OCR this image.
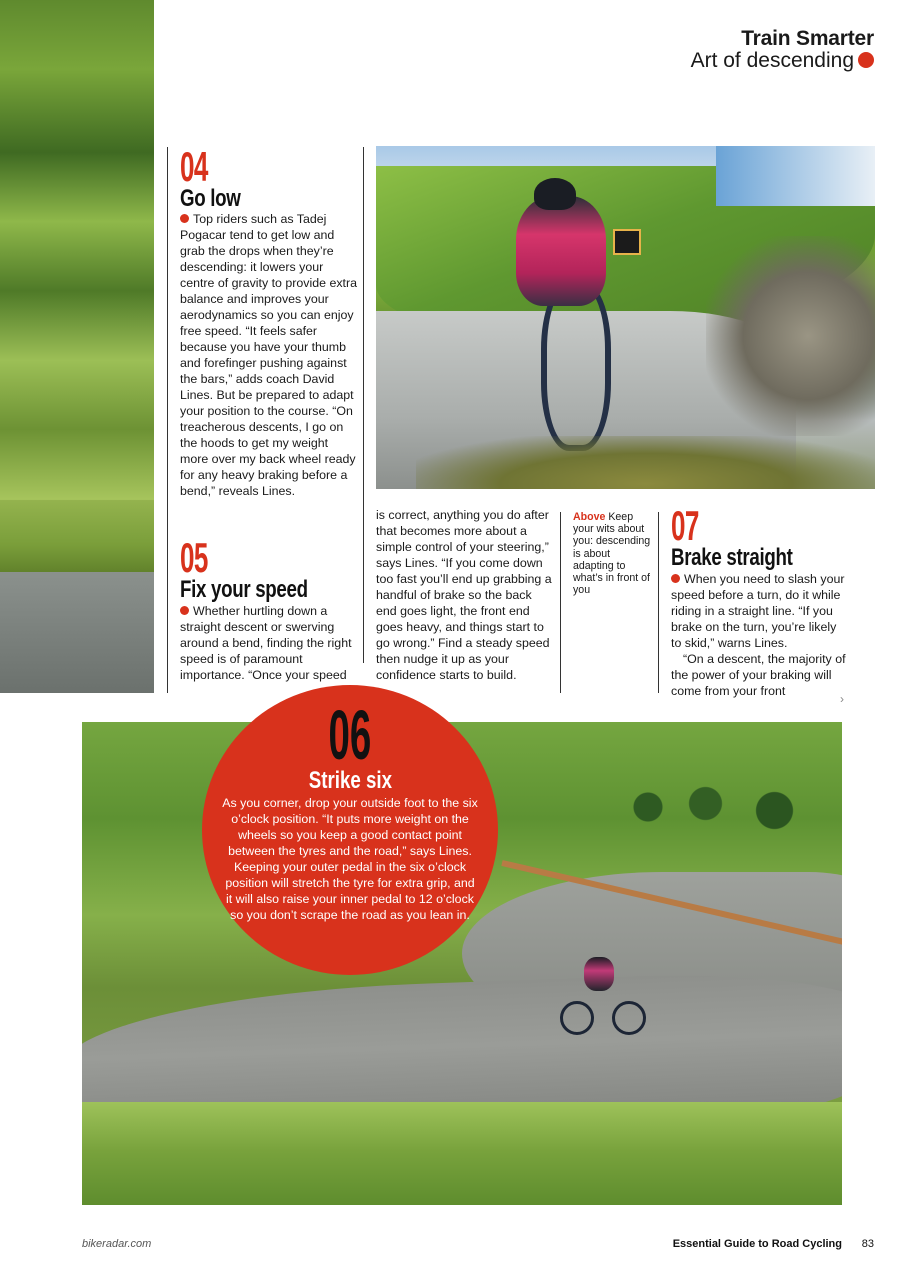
Train Smarter
Art of descending
04
Go low
Top riders such as Tadej Pogacar tend to get low and grab the drops when they’re descending: it lowers your centre of gravity to provide extra balance and improves your aerodynamics so you can enjoy free speed. “It feels safer because you have your thumb and forefinger pushing against the bars,” adds coach David Lines. But be prepared to adapt your position to the course. “On treacherous descents, I go on the hoods to get my weight more over my back wheel ready for any heavy braking before a bend,” reveals Lines.
05
Fix your speed
Whether hurtling down a straight descent or swerving around a bend, finding the right speed is of paramount importance. “Once your speed
is correct, anything you do after that becomes more about a simple control of your steering,” says Lines. “If you come down too fast you’ll end up grabbing a handful of brake so the back end goes light, the front end goes heavy, and things start to go wrong.” Find a steady speed then nudge it up as your confidence starts to build.
Above Keep your wits about you: descending is about adapting to what’s in front of you
07
Brake straight
When you need to slash your speed before a turn, do it while riding in a straight line. “If you brake on the turn, you’re likely to skid,” warns Lines.
“On a descent, the majority of the power of your braking will come from your front
›
06
Strike six
As you corner, drop your outside foot to the six o’clock position. “It puts more weight on the wheels so you keep a good contact point between the tyres and the road,” says Lines. Keeping your outer pedal in the six o’clock position will stretch the tyre for extra grip, and it will also raise your inner pedal to 12 o’clock so you don’t scrape the road as you lean in.
bikeradar.com	Essential Guide to Road Cycling 83
